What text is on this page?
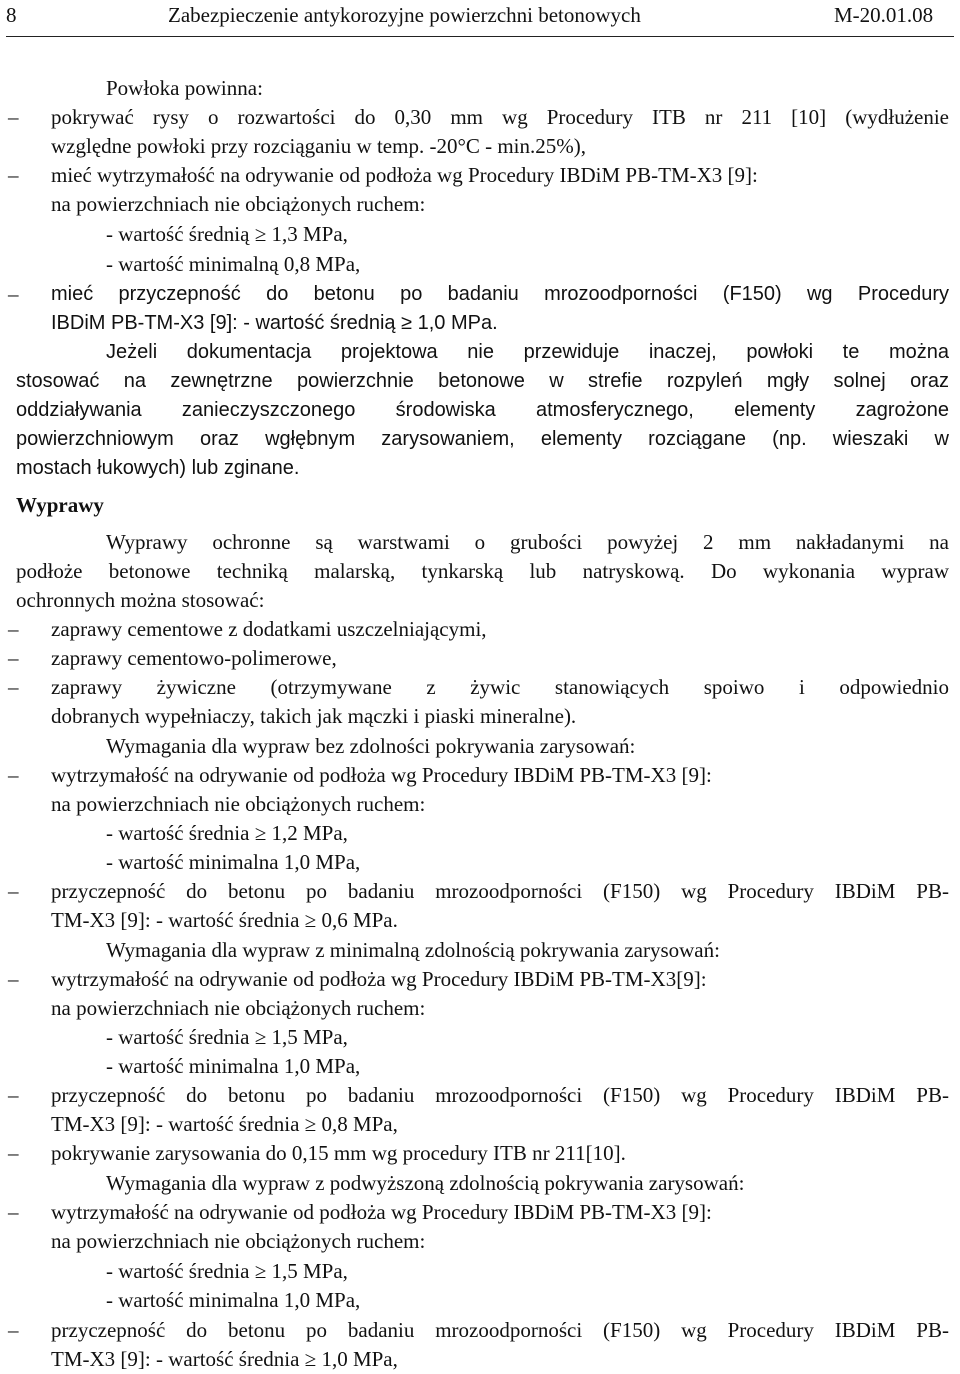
8	Zabezpieczenie antykorozyjne powierzchni betonowych	M-20.01.08
Powłoka powinna:
– pokrywać rysy o rozwartości do 0,30 mm wg Procedury ITB nr 211 [10] (wydłużenie
względne powłoki przy rozciąganiu w temp. -20°C - min.25%),
– mieć wytrzymałość na odrywanie od podłoża wg Procedury IBDiM PB-TM-X3 [9]:
na powierzchniach nie obciążonych ruchem:
- wartość średnią ≥ 1,3 MPa,
- wartość minimalną 0,8 MPa,
– mieć przyczepność do betonu po badaniu mrozoodporności (F150) wg Procedury
IBDiM PB-TM-X3 [9]: - wartość średnią ≥ 1,0 MPa.
Jeżeli dokumentacja projektowa nie przewiduje inaczej, powłoki te można
stosować na zewnętrzne powierzchnie betonowe w strefie rozpyleń mgły solnej oraz
oddziaływania zanieczyszczonego środowiska atmosferycznego, elementy zagrożone
powierzchniowym oraz wgłębnym zarysowaniem, elementy rozciągane (np. wieszaki w
mostach łukowych) lub zginane.
Wyprawy
Wyprawy ochronne są warstwami o grubości powyżej 2 mm nakładanymi na
podłoże betonowe techniką malarską, tynkarską lub natryskową. Do wykonania wypraw
ochronnych można stosować:
– zaprawy cementowe z dodatkami uszczelniającymi,
– zaprawy cementowo-polimerowe,
– zaprawy żywiczne (otrzymywane z żywic stanowiących spoiwo i odpowiednio
dobranych wypełniaczy, takich jak mączki i piaski mineralne).
Wymagania dla wypraw bez zdolności pokrywania zarysowań:
– wytrzymałość na odrywanie od podłoża wg Procedury IBDiM PB-TM-X3 [9]:
na powierzchniach nie obciążonych ruchem:
- wartość średnia ≥ 1,2 MPa,
- wartość minimalna 1,0 MPa,
– przyczepność do betonu po badaniu mrozoodporności (F150) wg Procedury IBDiM PB-
TM-X3 [9]: - wartość średnia ≥ 0,6 MPa.
Wymagania dla wypraw z minimalną zdolnością pokrywania zarysowań:
– wytrzymałość na odrywanie od podłoża wg Procedury IBDiM PB-TM-X3[9]:
na powierzchniach nie obciążonych ruchem:
- wartość średnia ≥ 1,5 MPa,
- wartość minimalna 1,0 MPa,
– przyczepność do betonu po badaniu mrozoodporności (F150) wg Procedury IBDiM PB-
TM-X3 [9]: - wartość średnia ≥ 0,8 MPa,
– pokrywanie zarysowania do 0,15 mm wg procedury ITB nr 211[10].
Wymagania dla wypraw z podwyższoną zdolnością pokrywania zarysowań:
– wytrzymałość na odrywanie od podłoża wg Procedury IBDiM PB-TM-X3 [9]:
na powierzchniach nie obciążonych ruchem:
- wartość średnia ≥ 1,5 MPa,
- wartość minimalna 1,0 MPa,
– przyczepność do betonu po badaniu mrozoodporności (F150) wg Procedury IBDiM PB-
TM-X3 [9]: - wartość średnia ≥ 1,0 MPa,
